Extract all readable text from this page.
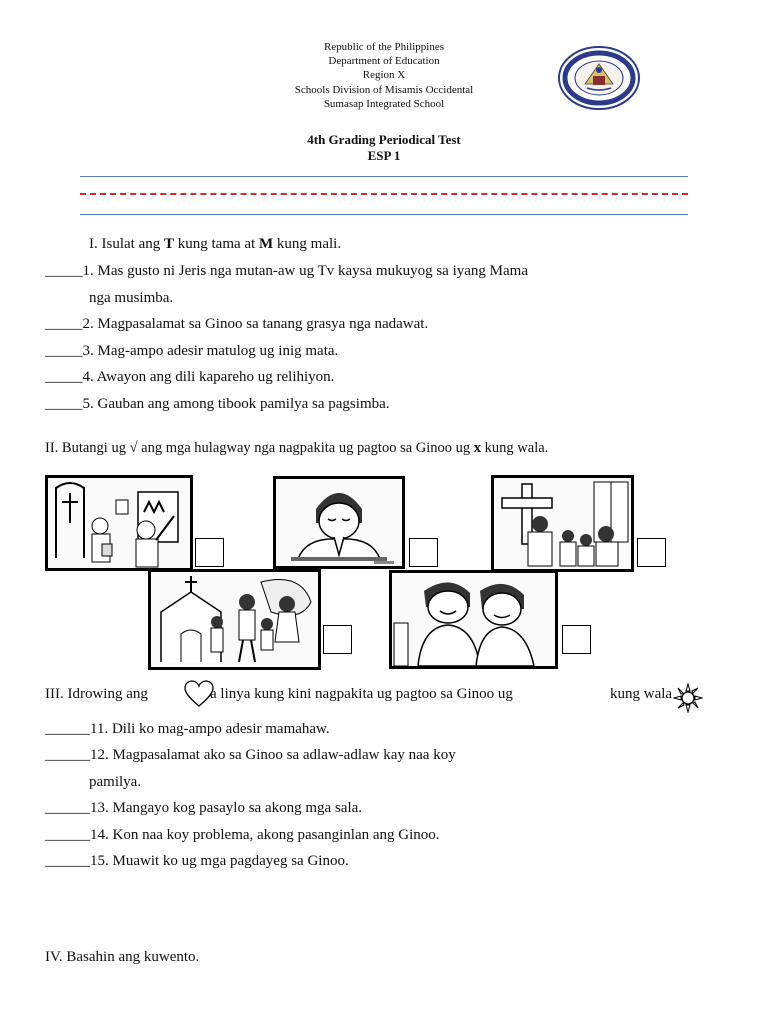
Republic of the Philippines
Department of Education
Region X
Schools Division of Misamis Occidental
Sumasap Integrated School
4th Grading Periodical Test
ESP 1
I. Isulat ang T kung tama at M kung mali.
_____1. Mas gusto ni Jeris nga mutan-aw ug Tv kaysa mukuyog sa iyang Mama
nga musimba.
_____2. Magpasalamat sa Ginoo sa tanang grasya nga nadawat.
_____3. Mag-ampo adesir matulog ug inig mata.
_____4. Awayon ang dili kapareho ug relihiyon.
_____5. Gauban ang among tibook pamilya sa pagsimba.
II. Butangi ug √ ang mga hulagway nga nagpakita ug pagtoo sa Ginoo ug x kung wala.
III. Idrowing ang	a linya kung kini nagpakita ug pagtoo sa Ginoo ug	kung wala
______11. Dili ko mag-ampo adesir mamahaw.
______12. Magpasalamat ako sa Ginoo sa adlaw-adlaw kay naa koy
pamilya.
______13. Mangayo kog pasaylo sa akong mga sala.
______14. Kon naa koy problema, akong pasanginlan ang Ginoo.
______15. Muawit ko ug mga pagdayeg sa Ginoo.
IV. Basahin ang kuwento.
